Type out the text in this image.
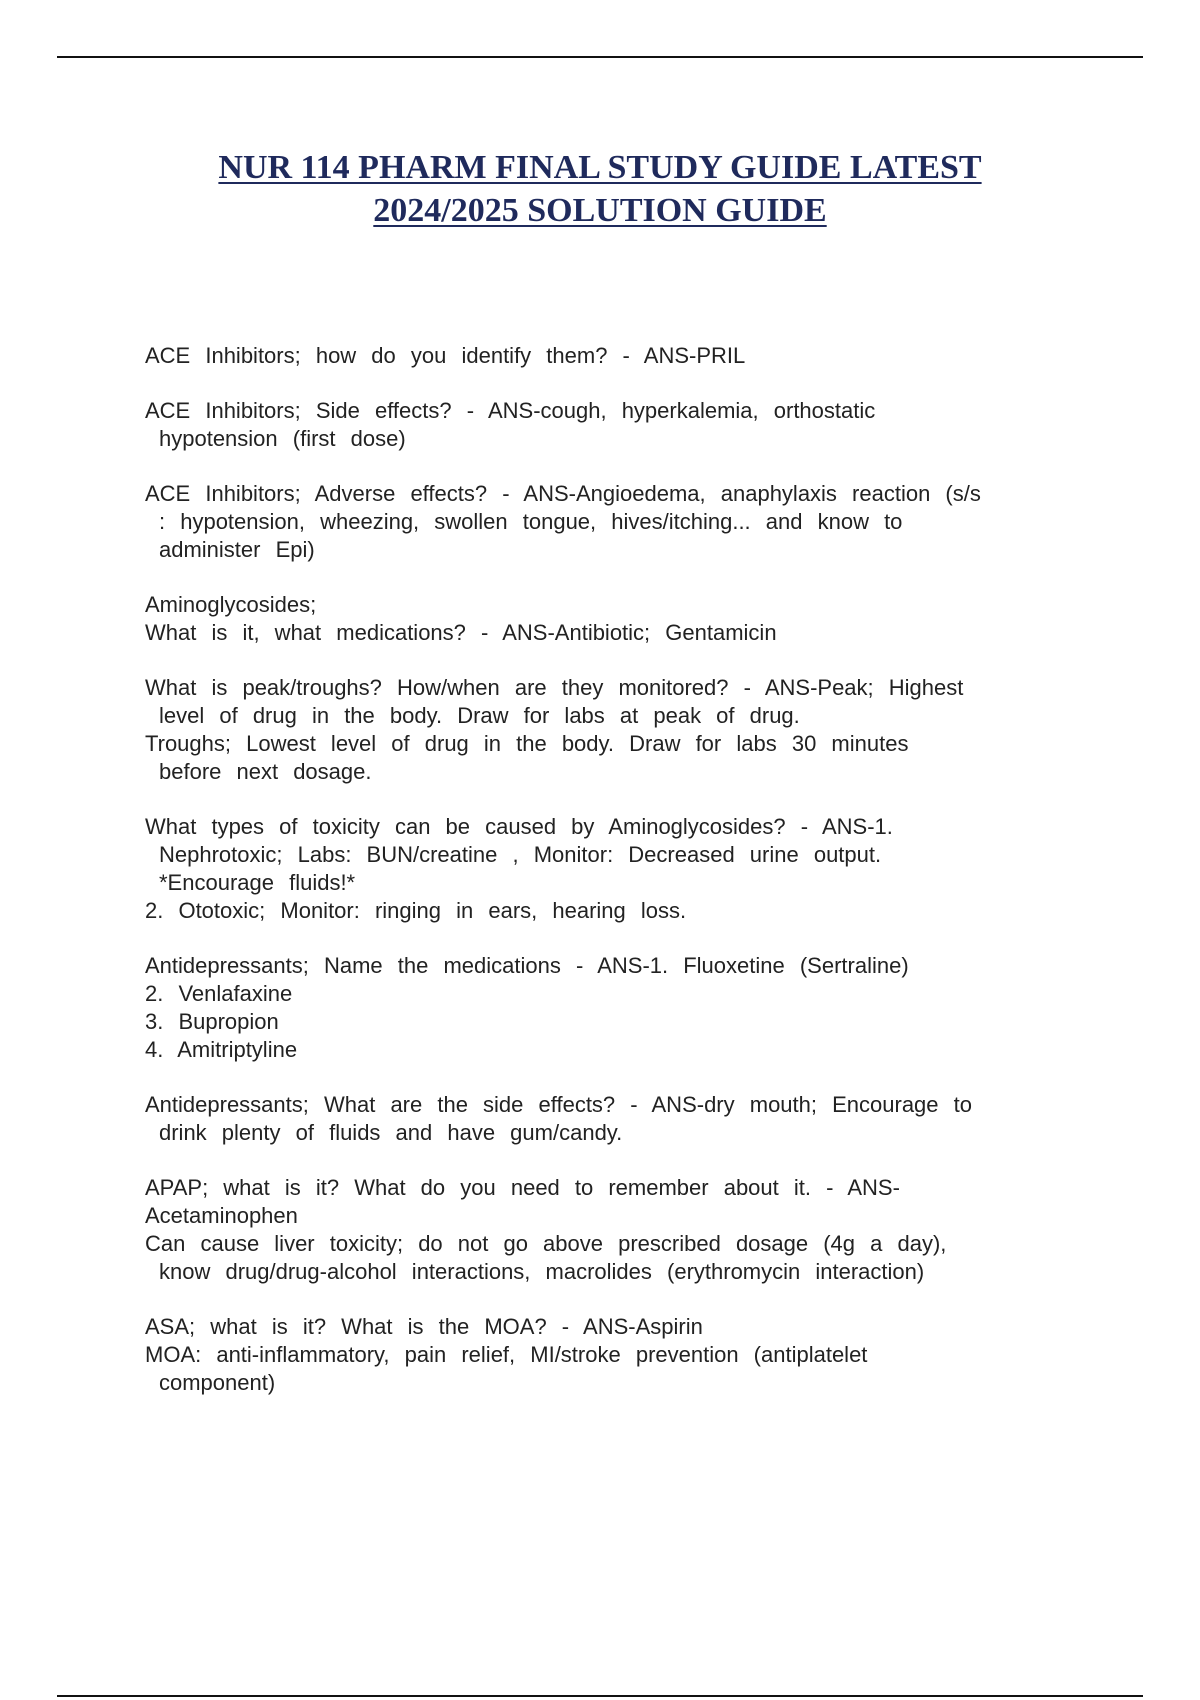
NUR 114 PHARM FINAL STUDY GUIDE LATEST
2024/2025 SOLUTION GUIDE

ACE Inhibitors; how do you identify them? - ANS-PRIL

ACE Inhibitors; Side effects? - ANS-cough, hyperkalemia, orthostatic
hypotension (first dose)

ACE Inhibitors; Adverse effects? - ANS-Angioedema, anaphylaxis reaction (s/s
: hypotension, wheezing, swollen tongue, hives/itching... and know to
administer Epi)

Aminoglycosides;
What is it, what medications? - ANS-Antibiotic; Gentamicin

What is peak/troughs? How/when are they monitored? - ANS-Peak; Highest
level of drug in the body. Draw for labs at peak of drug.
Troughs; Lowest level of drug in the body. Draw for labs 30 minutes
before next dosage.

What types of toxicity can be caused by Aminoglycosides? - ANS-1.
Nephrotoxic; Labs: BUN/creatine , Monitor: Decreased urine output.
*Encourage fluids!*
2. Ototoxic; Monitor: ringing in ears, hearing loss.

Antidepressants; Name the medications - ANS-1. Fluoxetine (Sertraline)
2. Venlafaxine
3. Bupropion
4. Amitriptyline

Antidepressants; What are the side effects? - ANS-dry mouth; Encourage to
drink plenty of fluids and have gum/candy.

APAP; what is it? What do you need to remember about it. - ANS-
Acetaminophen
Can cause liver toxicity; do not go above prescribed dosage (4g a day),
know drug/drug-alcohol interactions, macrolides (erythromycin interaction)

ASA; what is it? What is the MOA? - ANS-Aspirin
MOA: anti-inflammatory, pain relief, MI/stroke prevention (antiplatelet
component)
